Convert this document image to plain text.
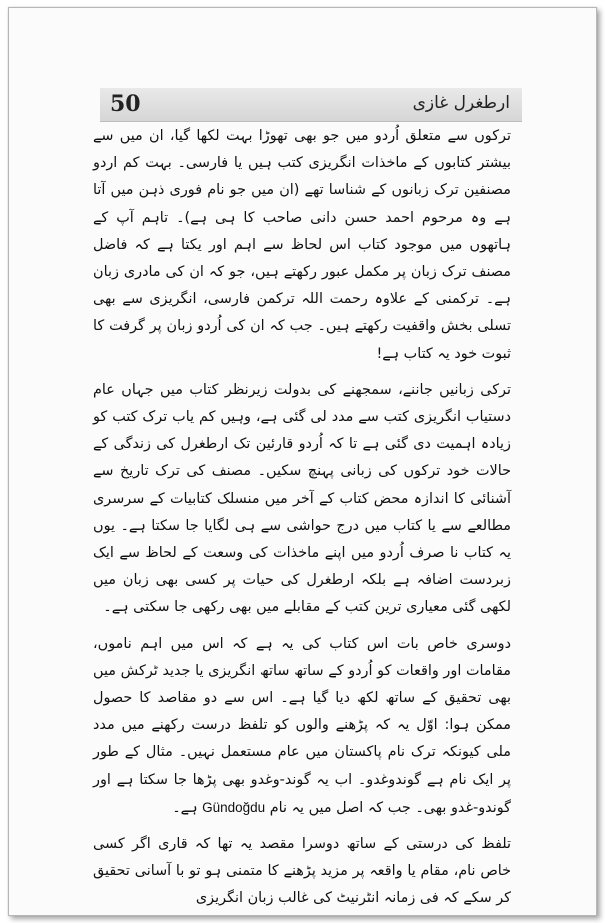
50	ارطغرل غازی

ترکوں سے متعلق اُردو میں جو بھی تھوڑا بہت لکھا گیا، ان میں سے بیشتر کتابوں کے ماخذات انگریزی کتب ہیں یا فارسی۔ بہت کم اردو مصنفین ترک زبانوں کے شناسا تھے (ان میں جو نام فوری ذہن میں آتا ہے وہ مرحوم احمد حسن دانی صاحب کا ہی ہے)۔ تاہم آپ کے ہاتھوں میں موجود کتاب اس لحاظ سے اہم اور یکتا ہے کہ فاضل مصنف ترک زبان پر مکمل عبور رکھتے ہیں، جو کہ ان کی مادری زبان ہے۔ ترکمنی کے علاوہ رحمت اللہ ترکمن فارسی، انگریزی سے بھی تسلی بخش واقفیت رکھتے ہیں۔ جب کہ ان کی اُردو زبان پر گرفت کا ثبوت خود یہ کتاب ہے!

ترکی زبانیں جاننے، سمجھنے کی بدولت زیرنظر کتاب میں جہاں عام دستیاب انگریزی کتب سے مدد لی گئی ہے، وہیں کم یاب ترک کتب کو زیادہ اہمیت دی گئی ہے تا کہ اُردو قارئین تک ارطغرل کی زندگی کے حالات خود ترکوں کی زبانی پہنچ سکیں۔ مصنف کی ترک تاریخ سے آشنائی کا اندازہ محض کتاب کے آخر میں منسلک کتابیات کے سرسری مطالعے سے یا کتاب میں درج حواشی سے ہی لگایا جا سکتا ہے۔ یوں یہ کتاب نا صرف اُردو میں اپنے ماخذات کی وسعت کے لحاظ سے ایک زبردست اضافہ ہے بلکہ ارطغرل کی حیات پر کسی بھی زبان میں لکھی گئی معیاری ترین کتب کے مقابلے میں بھی رکھی جا سکتی ہے۔

دوسری خاص بات اس کتاب کی یہ ہے کہ اس میں اہم ناموں، مقامات اور واقعات کو اُردو کے ساتھ ساتھ انگریزی یا جدید ٹرکش میں بھی تحقیق کے ساتھ لکھ دیا گیا ہے۔ اس سے دو مقاصد کا حصول ممکن ہوا: اوّل یہ کہ پڑھنے والوں کو تلفظ درست رکھنے میں مدد ملی کیونکہ ترک نام پاکستان میں عام مستعمل نہیں۔ مثال کے طور پر ایک نام ہے گوندوغدو۔ اب یہ گوند-وغدو بھی پڑھا جا سکتا ہے اور گوندو-غدو بھی۔ جب کہ اصل میں یہ نام Gündoğdu ہے۔

تلفظ کی درستی کے ساتھ دوسرا مقصد یہ تھا کہ قاری اگر کسی خاص نام، مقام یا واقعہ پر مزید پڑھنے کا متمنی ہو تو با آسانی تحقیق کر سکے کہ فی زمانہ انٹرنیٹ کی غالب زبان انگریزی
